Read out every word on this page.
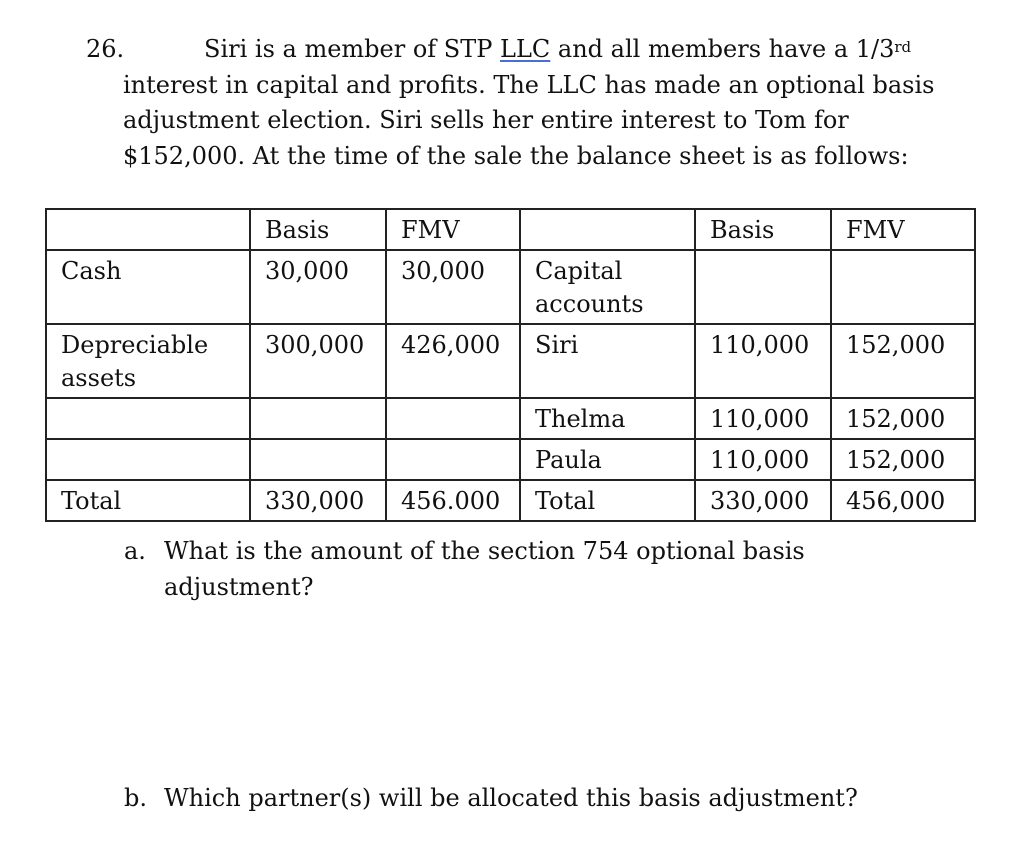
26.	Siri is a member of STP LLC and all members have a 1/3rd
interest in capital and profits. The LLC has made an optional basis
adjustment election. Siri sells her entire interest to Tom for
$152,000. At the time of the sale the balance sheet is as follows:
	Basis	FMV		Basis	FMV
Cash	30,000	30,000	Capital accounts		
Depreciable assets	300,000	426,000	Siri	110,000	152,000
			Thelma	110,000	152,000
			Paula	110,000	152,000
Total	330,000	456.000	Total	330,000	456,000
a. What is the amount of the section 754 optional basis
adjustment?
b. Which partner(s) will be allocated this basis adjustment?
